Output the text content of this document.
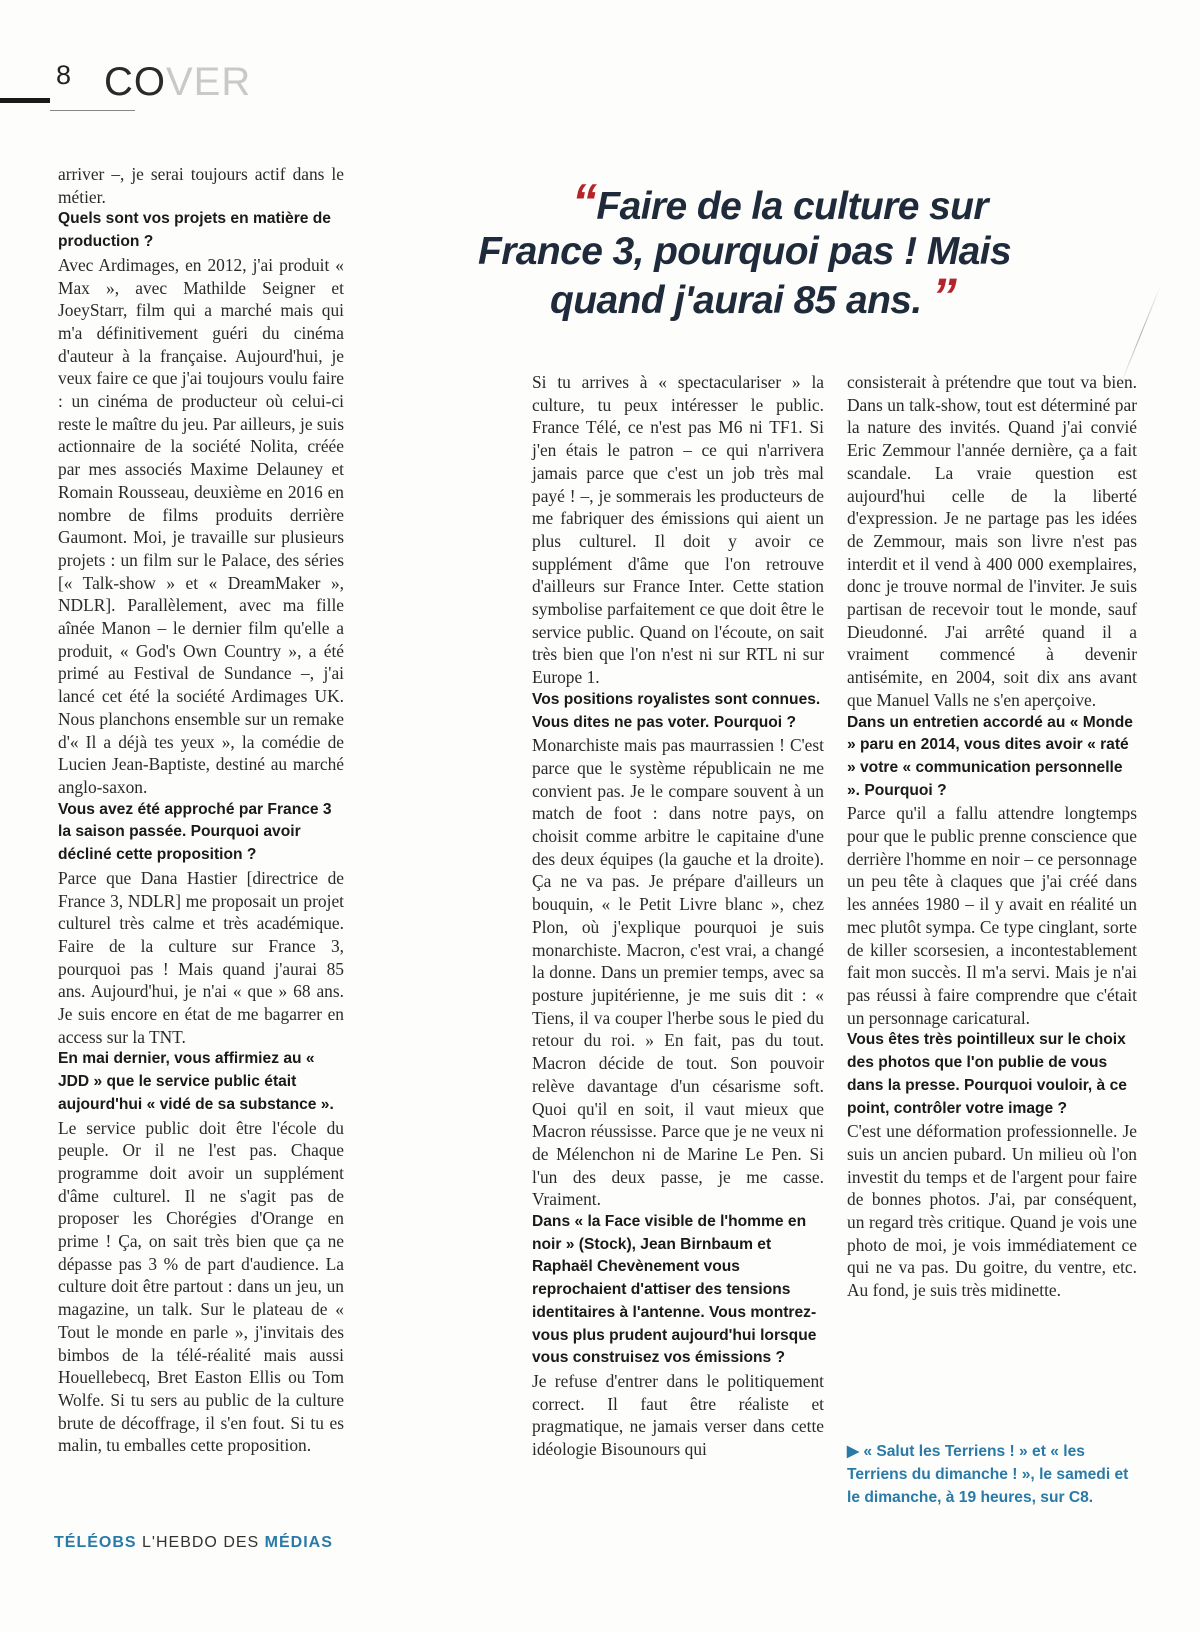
8 COVER
“Faire de la culture sur
France 3, pourquoi pas ! Mais
quand j'aurai 85 ans. ”

arriver –, je serai toujours actif dans le métier.

Quels sont vos projets en matière de production ?

Avec Ardimages, en 2012, j'ai produit « Max », avec Mathilde Seigner et JoeyStarr, film qui a marché mais qui m'a définitivement guéri du cinéma d'auteur à la française. Aujourd'hui, je veux faire ce que j'ai toujours voulu faire : un cinéma de producteur où celui-ci reste le maître du jeu. Par ailleurs, je suis actionnaire de la société Nolita, créée par mes associés Maxime Delauney et Romain Rousseau, deuxième en 2016 en nombre de films produits derrière Gaumont. Moi, je travaille sur plusieurs projets : un film sur le Palace, des séries [« Talk-show » et « DreamMaker », NDLR]. Parallèlement, avec ma fille aînée Manon – le dernier film qu'elle a produit, « God's Own Country », a été primé au Festival de Sundance –, j'ai lancé cet été la société Ardimages UK. Nous planchons ensemble sur un remake d'« Il a déjà tes yeux », la comédie de Lucien Jean-Baptiste, destiné au marché anglo-saxon.

Vous avez été approché par France 3 la saison passée. Pourquoi avoir décliné cette proposition ?

Parce que Dana Hastier [directrice de France 3, NDLR] me proposait un projet culturel très calme et très académique. Faire de la culture sur France 3, pourquoi pas ! Mais quand j'aurai 85 ans. Aujourd'hui, je n'ai « que » 68 ans. Je suis encore en état de me bagarrer en access sur la TNT.

En mai dernier, vous affirmiez au « JDD » que le service public était aujourd'hui « vidé de sa substance ».

Le service public doit être l'école du peuple. Or il ne l'est pas. Chaque programme doit avoir un supplément d'âme culturel. Il ne s'agit pas de proposer les Chorégies d'Orange en prime ! Ça, on sait très bien que ça ne dépasse pas 3 % de part d'audience. La culture doit être partout : dans un jeu, un magazine, un talk. Sur le plateau de « Tout le monde en parle », j'invitais des bimbos de la télé-réalité mais aussi Houellebecq, Bret Easton Ellis ou Tom Wolfe. Si tu sers au public de la culture brute de décoffrage, il s'en fout. Si tu es malin, tu emballes cette proposition.

Si tu arrives à « spectaculariser » la culture, tu peux intéresser le public. France Télé, ce n'est pas M6 ni TF1. Si j'en étais le patron – ce qui n'arrivera jamais parce que c'est un job très mal payé ! –, je sommerais les producteurs de me fabriquer des émissions qui aient un plus culturel. Il doit y avoir ce supplément d'âme que l'on retrouve d'ailleurs sur France Inter. Cette station symbolise parfaitement ce que doit être le service public. Quand on l'écoute, on sait très bien que l'on n'est ni sur RTL ni sur Europe 1.

Vos positions royalistes sont connues. Vous dites ne pas voter. Pourquoi ?

Monarchiste mais pas maurrassien ! C'est parce que le système républicain ne me convient pas. Je le compare souvent à un match de foot : dans notre pays, on choisit comme arbitre le capitaine d'une des deux équipes (la gauche et la droite). Ça ne va pas. Je prépare d'ailleurs un bouquin, « le Petit Livre blanc », chez Plon, où j'explique pourquoi je suis monarchiste. Macron, c'est vrai, a changé la donne. Dans un premier temps, avec sa posture jupitérienne, je me suis dit : « Tiens, il va couper l'herbe sous le pied du retour du roi. » En fait, pas du tout. Macron décide de tout. Son pouvoir relève davantage d'un césarisme soft. Quoi qu'il en soit, il vaut mieux que Macron réussisse. Parce que je ne veux ni de Mélenchon ni de Marine Le Pen. Si l'un des deux passe, je me casse. Vraiment.

Dans « la Face visible de l'homme en noir » (Stock), Jean Birnbaum et Raphaël Chevènement vous reprochaient d'attiser des tensions identitaires à l'antenne. Vous montrez-vous plus prudent aujourd'hui lorsque vous construisez vos émissions ?

Je refuse d'entrer dans le politiquement correct. Il faut être réaliste et pragmatique, ne jamais verser dans cette idéologie Bisounours qui

consisterait à prétendre que tout va bien. Dans un talk-show, tout est déterminé par la nature des invités. Quand j'ai convié Eric Zemmour l'année dernière, ça a fait scandale. La vraie question est aujourd'hui celle de la liberté d'expression. Je ne partage pas les idées de Zemmour, mais son livre n'est pas interdit et il vend à 400 000 exemplaires, donc je trouve normal de l'inviter. Je suis partisan de recevoir tout le monde, sauf Dieudonné. J'ai arrêté quand il a vraiment commencé à devenir antisémite, en 2004, soit dix ans avant que Manuel Valls ne s'en aperçoive.

Dans un entretien accordé au « Monde » paru en 2014, vous dites avoir « raté » votre « communication personnelle ». Pourquoi ?

Parce qu'il a fallu attendre longtemps pour que le public prenne conscience que derrière l'homme en noir – ce personnage un peu tête à claques que j'ai créé dans les années 1980 – il y avait en réalité un mec plutôt sympa. Ce type cinglant, sorte de killer scorsesien, a incontestablement fait mon succès. Il m'a servi. Mais je n'ai pas réussi à faire comprendre que c'était un personnage caricatural.

Vous êtes très pointilleux sur le choix des photos que l'on publie de vous dans la presse. Pourquoi vouloir, à ce point, contrôler votre image ?

C'est une déformation professionnelle. Je suis un ancien pubard. Un milieu où l'on investit du temps et de l'argent pour faire de bonnes photos. J'ai, par conséquent, un regard très critique. Quand je vois une photo de moi, je vois immédiatement ce qui ne va pas. Du goitre, du ventre, etc. Au fond, je suis très midinette.

▶ « Salut les Terriens ! » et « les Terriens du dimanche ! », le samedi et le dimanche, à 19 heures, sur C8.
TÉLÉOBS L'HEBDO DES MÉDIAS
